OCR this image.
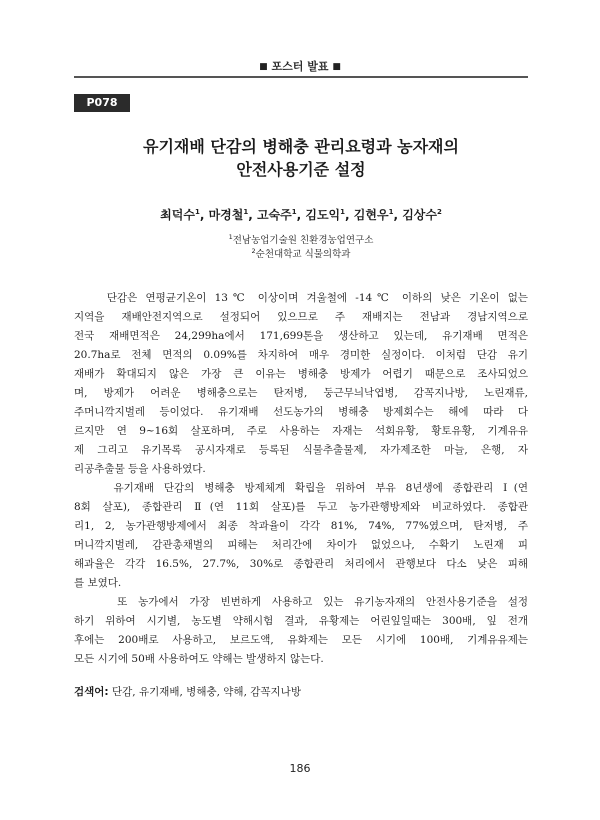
■ 포스터 발표 ■
P078
유기재배 단감의 병해충 관리요령과 농자재의
안전사용기준 설정
최덕수$^1$, 마경철$^1$, 고숙주$^1$, 김도익$^1$, 김현우$^1$, 김상수$^2$
$^1$전남농업기술원 친환경농업연구소
$^2$순천대학교 식물의학과
단감은 연평균기온이 13℃ 이상이며 겨울철에 -14℃ 이하의 낮은 기온이 없는
지역을 재배안전지역으로 설정되어 있으므로 주 재배지는 전남과 경남지역으로
전국 재배면적은 24,299ha에서 171,699톤을 생산하고 있는데, 유기재배 면적은
20.7ha로 전체 면적의 0.09%를 차지하여 매우 경미한 실정이다. 이처럼 단감 유기
재배가 확대되지 않은 가장 큰 이유는 병해충 방제가 어렵기 때문으로 조사되었으
며, 방제가 어려운 병해충으로는 탄저병, 둥근무늬낙엽병, 감꼭지나방, 노린재류,
주머니깍지벌레 등이었다. 유기재배 선도농가의 병해충 방제회수는 해에 따라 다
르지만 연 9~16회 살포하며, 주로 사용하는 자재는 석회유황, 황토유황, 기계유유
제 그리고 유기목록 공시자재로 등록된 식물추출물제, 자가제조한 마늘, 은행, 자
리공추출물 등을 사용하였다.
유기재배 단감의 병해충 방제체계 확립을 위하여 부유 8년생에 종합관리 Ⅰ(연
8회 살포), 종합관리 Ⅱ(연 11회 살포)를 두고 농가관행방제와 비교하였다. 종합관
리1, 2, 농가관행방제에서 최종 착과율이 각각 81%, 74%, 77%였으며, 탄저병, 주
머니깍지벌레, 감관총채벌의 피해는 처리간에 차이가 없었으나, 수확기 노린재 피
해과율은 각각 16.5%, 27.7%, 30%로 종합관리 처리에서 관행보다 다소 낮은 피해
를 보였다.
또 농가에서 가장 빈번하게 사용하고 있는 유기농자재의 안전사용기준을 설정
하기 위하여 시기별, 농도별 약해시험 결과, 유황제는 어린잎일때는 300배, 잎 전개
후에는 200배로 사용하고, 보르도액, 유화제는 모든 시기에 100배, 기계유유제는
모든 시기에 50배 사용하여도 약해는 발생하지 않는다.
검색어: 단감, 유기재배, 병해충, 약해, 감꼭지나방
186
